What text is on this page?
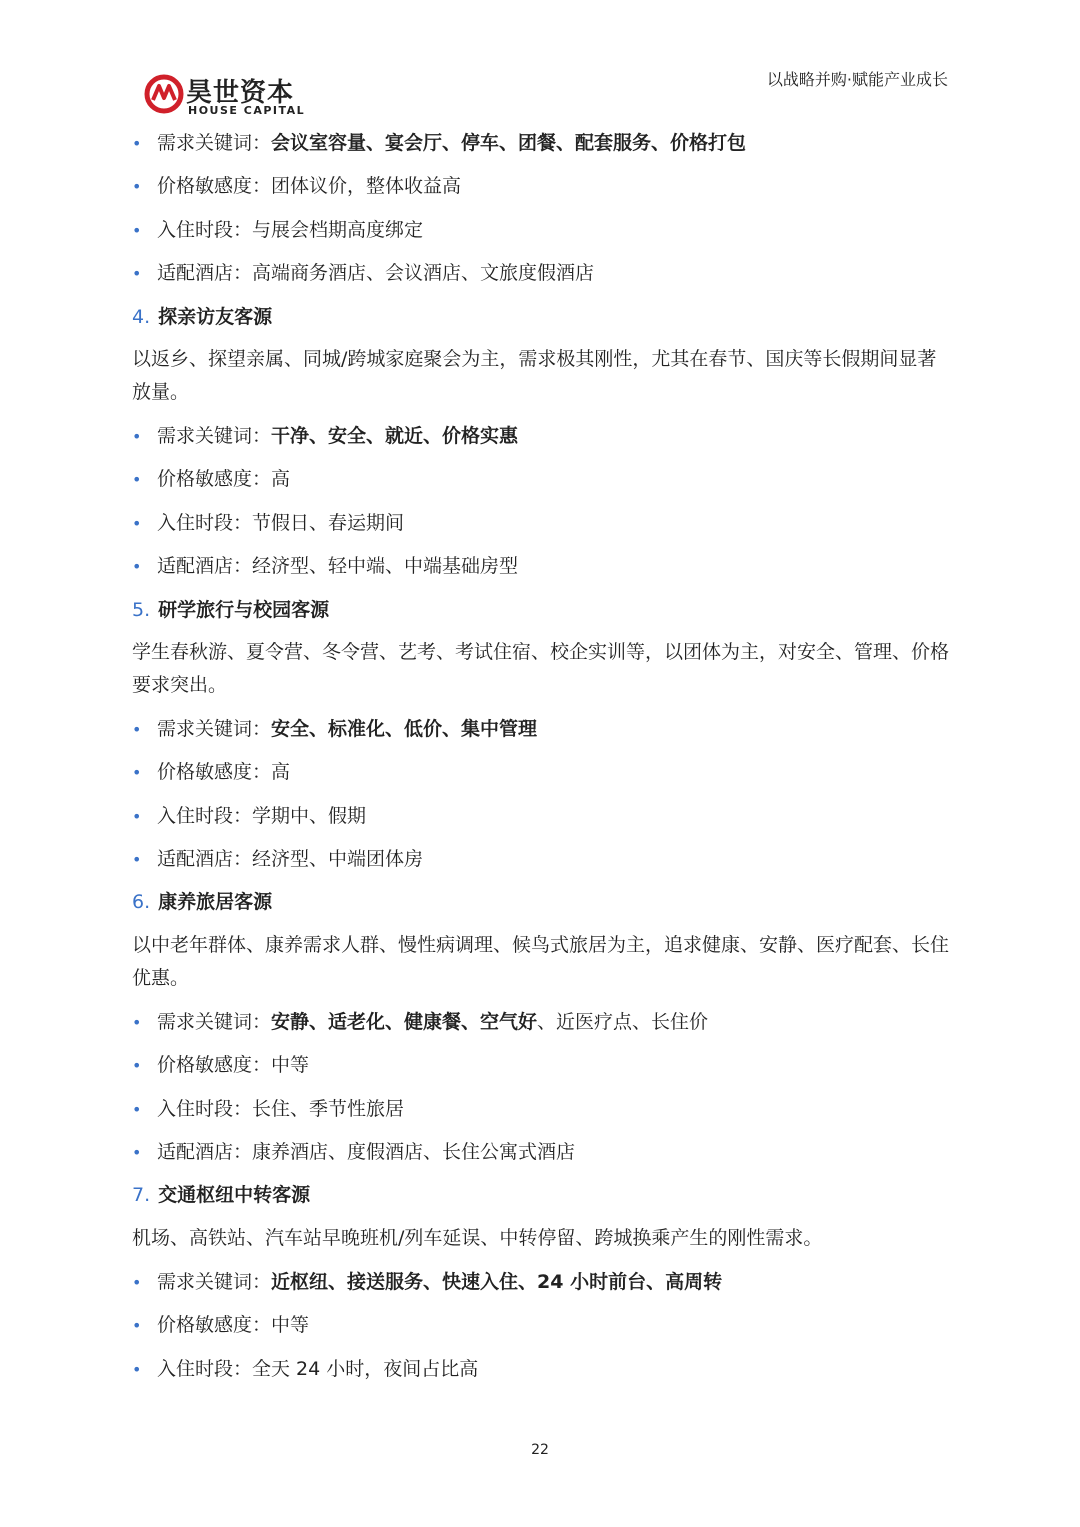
昊世资本
HOUSE CAPITAL
以战略并购·赋能产业成长
• 需求关键词：会议室容量、宴会厅、停车、团餐、配套服务、价格打包
• 价格敏感度：团体议价，整体收益高
• 入住时段：与展会档期高度绑定
• 适配酒店：高端商务酒店、会议酒店、文旅度假酒店
4. 探亲访友客源
以返乡、探望亲属、同城/跨城家庭聚会为主，需求极其刚性，尤其在春节、国庆等长假期间显著放量。
• 需求关键词：干净、安全、就近、价格实惠
• 价格敏感度：高
• 入住时段：节假日、春运期间
• 适配酒店：经济型、轻中端、中端基础房型
5. 研学旅行与校园客源
学生春秋游、夏令营、冬令营、艺考、考试住宿、校企实训等，以团体为主，对安全、管理、价格要求突出。
• 需求关键词：安全、标准化、低价、集中管理
• 价格敏感度：高
• 入住时段：学期中、假期
• 适配酒店：经济型、中端团体房
6. 康养旅居客源
以中老年群体、康养需求人群、慢性病调理、候鸟式旅居为主，追求健康、安静、医疗配套、长住优惠。
• 需求关键词：安静、适老化、健康餐、空气好、近医疗点、长住价
• 价格敏感度：中等
• 入住时段：长住、季节性旅居
• 适配酒店：康养酒店、度假酒店、长住公寓式酒店
7. 交通枢纽中转客源
机场、高铁站、汽车站早晚班机/列车延误、中转停留、跨城换乘产生的刚性需求。
• 需求关键词：近枢纽、接送服务、快速入住、24 小时前台、高周转
• 价格敏感度：中等
• 入住时段：全天 24 小时，夜间占比高
22
